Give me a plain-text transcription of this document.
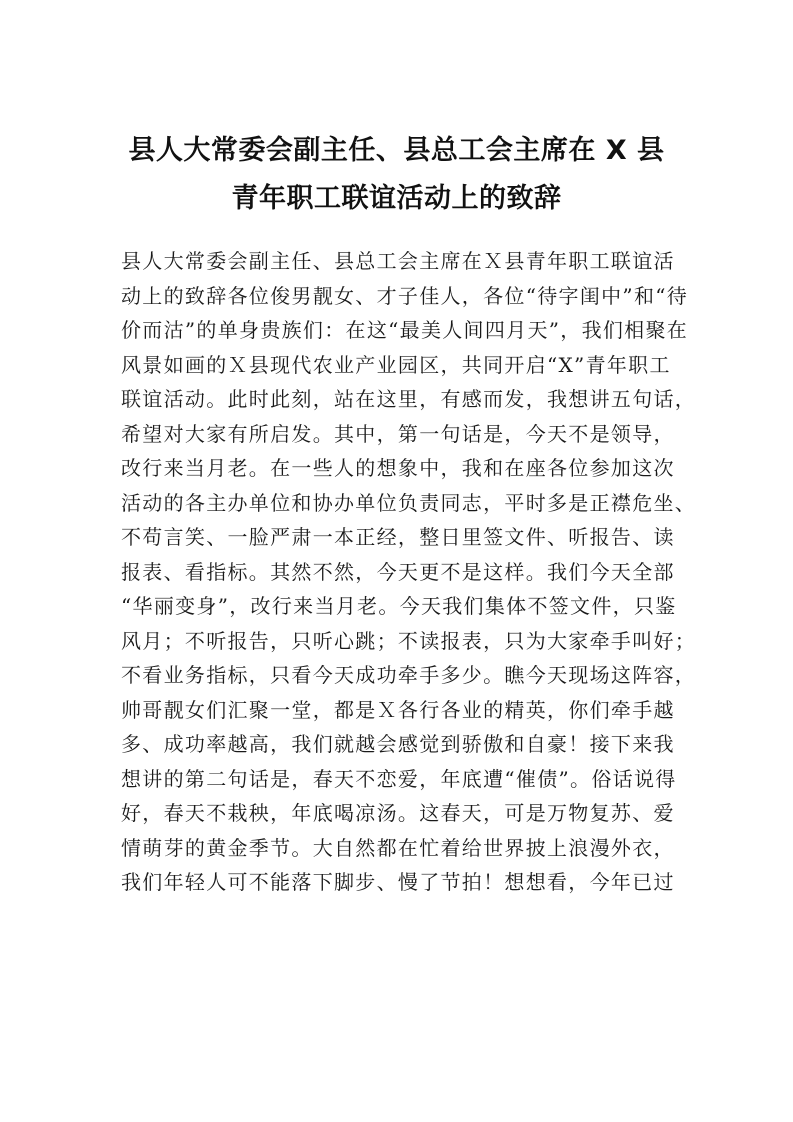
县人大常委会副主任、县总工会主席在 X 县
青年职工联谊活动上的致辞
县人大常委会副主任、县总工会主席在Ｘ县青年职工联谊活
动上的致辞各位俊男靓女、才子佳人，各位“待字闺中”和“待
价而沽”的单身贵族们：在这“最美人间四月天”，我们相聚在
风景如画的Ｘ县现代农业产业园区，共同开启“X”青年职工
联谊活动。此时此刻，站在这里，有感而发，我想讲五句话，
希望对大家有所启发。其中，第一句话是，今天不是领导，
改行来当月老。在一些人的想象中，我和在座各位参加这次
活动的各主办单位和协办单位负责同志，平时多是正襟危坐、
不苟言笑、一脸严肃一本正经，整日里签文件、听报告、读
报表、看指标。其然不然，今天更不是这样。我们今天全部
“华丽变身”，改行来当月老。今天我们集体不签文件，只鉴
风月；不听报告，只听心跳；不读报表，只为大家牵手叫好；
不看业务指标，只看今天成功牵手多少。瞧今天现场这阵容，
帅哥靓女们汇聚一堂，都是Ｘ各行各业的精英，你们牵手越
多、成功率越高，我们就越会感觉到骄傲和自豪！接下来我
想讲的第二句话是，春天不恋爱，年底遭“催债”。俗话说得
好，春天不栽秧，年底喝凉汤。这春天，可是万物复苏、爱
情萌芽的黄金季节。大自然都在忙着给世界披上浪漫外衣，
我们年轻人可不能落下脚步、慢了节拍！想想看，今年已过
